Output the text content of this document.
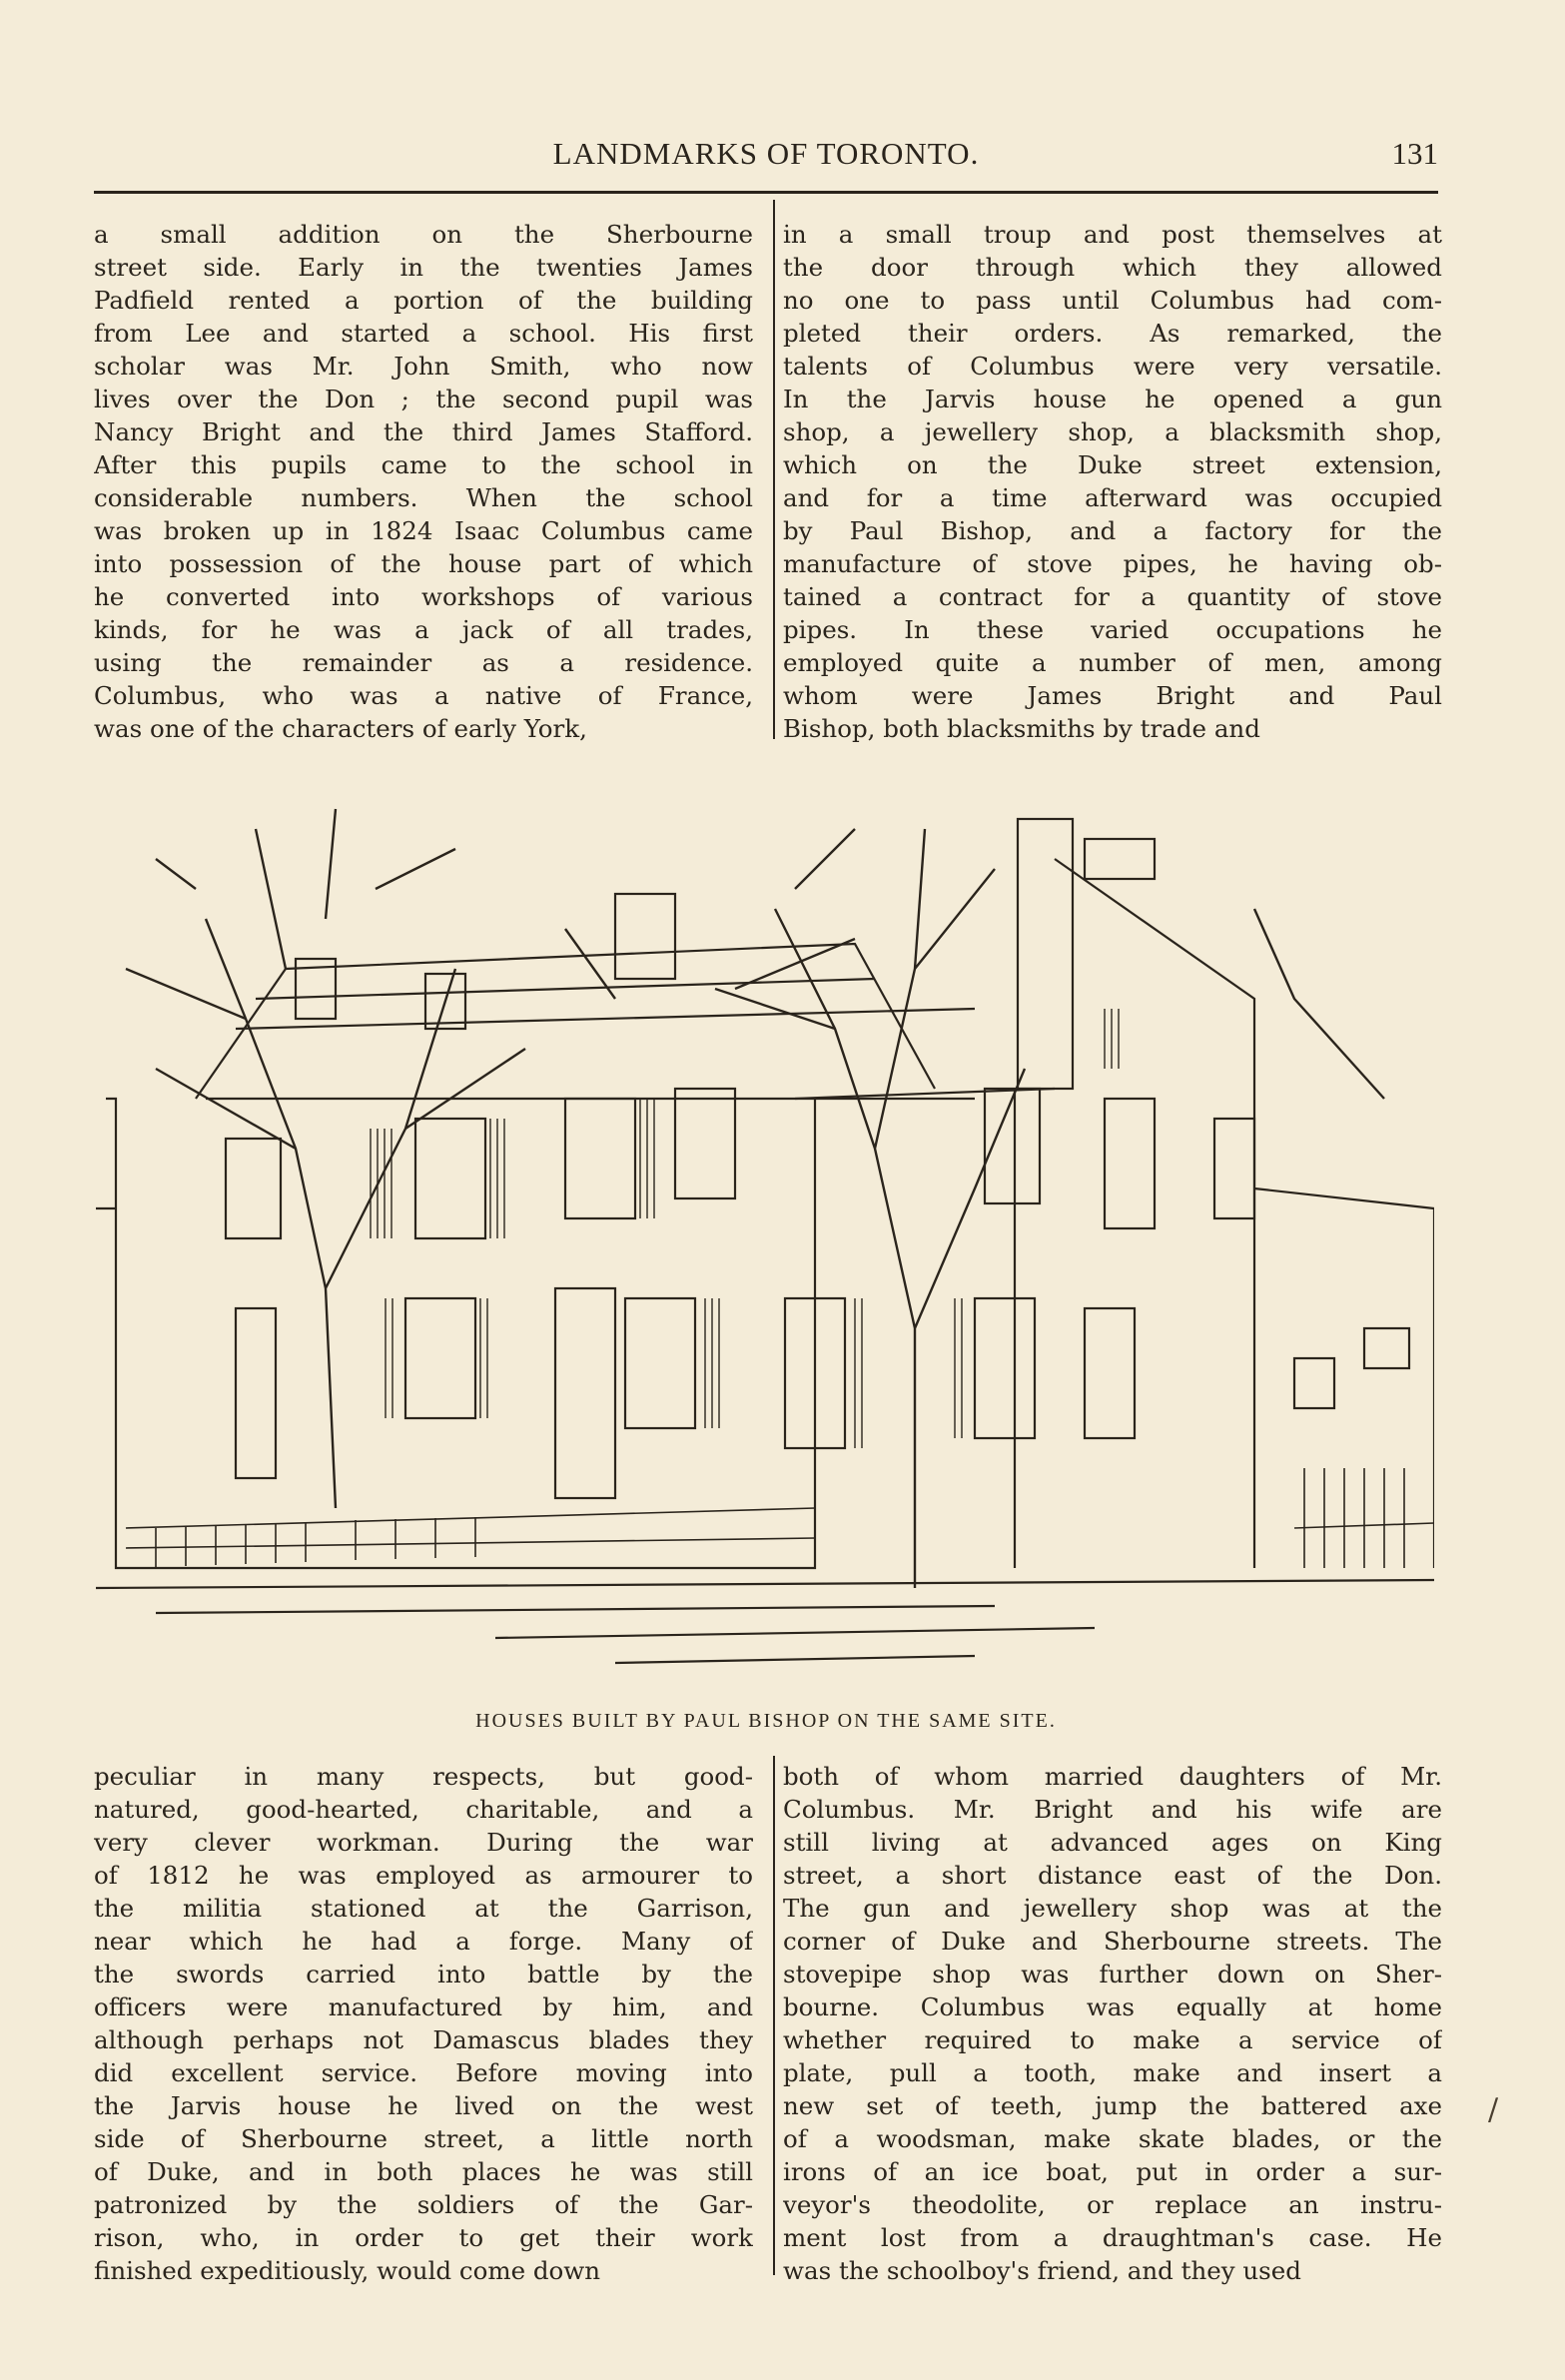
LANDMARKS OF TORONTO.	131
a small addition on the Sherbourne
street side. Early in the twenties James
Padfield rented a portion of the building
from Lee and started a school. His first
scholar was Mr. John Smith, who now
lives over the Don ; the second pupil was
Nancy Bright and the third James Stafford.
After this pupils came to the school in
considerable numbers. When the school
was broken up in 1824 Isaac Columbus came
into possession of the house part of which
he converted into workshops of various
kinds, for he was a jack of all trades,
using the remainder as a residence.
Columbus, who was a native of France,
was one of the characters of early York,
in a small troup and post themselves at
the door through which they allowed
no one to pass until Columbus had com-
pleted their orders. As remarked, the
talents of Columbus were very versatile.
In the Jarvis house he opened a gun
shop, a jewellery shop, a blacksmith shop,
which on the Duke street extension,
and for a time afterward was occupied
by Paul Bishop, and a factory for the
manufacture of stove pipes, he having ob-
tained a contract for a quantity of stove
pipes. In these varied occupations he
employed quite a number of men, among
whom were James Bright and Paul
Bishop, both blacksmiths by trade and
HOUSES BUILT BY PAUL BISHOP ON THE SAME SITE.
peculiar in many respects, but good-
natured, good-hearted, charitable, and a
very clever workman. During the war
of 1812 he was employed as armourer to
the militia stationed at the Garrison,
near which he had a forge. Many of
the swords carried into battle by the
officers were manufactured by him, and
although perhaps not Damascus blades they
did excellent service. Before moving into
the Jarvis house he lived on the west
side of Sherbourne street, a little north
of Duke, and in both places he was still
patronized by the soldiers of the Gar-
rison, who, in order to get their work
finished expeditiously, would come down
both of whom married daughters of Mr.
Columbus. Mr. Bright and his wife are
still living at advanced ages on King
street, a short distance east of the Don.
The gun and jewellery shop was at the
corner of Duke and Sherbourne streets. The
stovepipe shop was further down on Sher-
bourne. Columbus was equally at home
whether required to make a service of
plate, pull a tooth, make and insert a
new set of teeth, jump the battered axe
of a woodsman, make skate blades, or the
irons of an ice boat, put in order a sur-
veyor's theodolite, or replace an instru-
ment lost from a draughtman's case. He
was the schoolboy's friend, and they used
/
